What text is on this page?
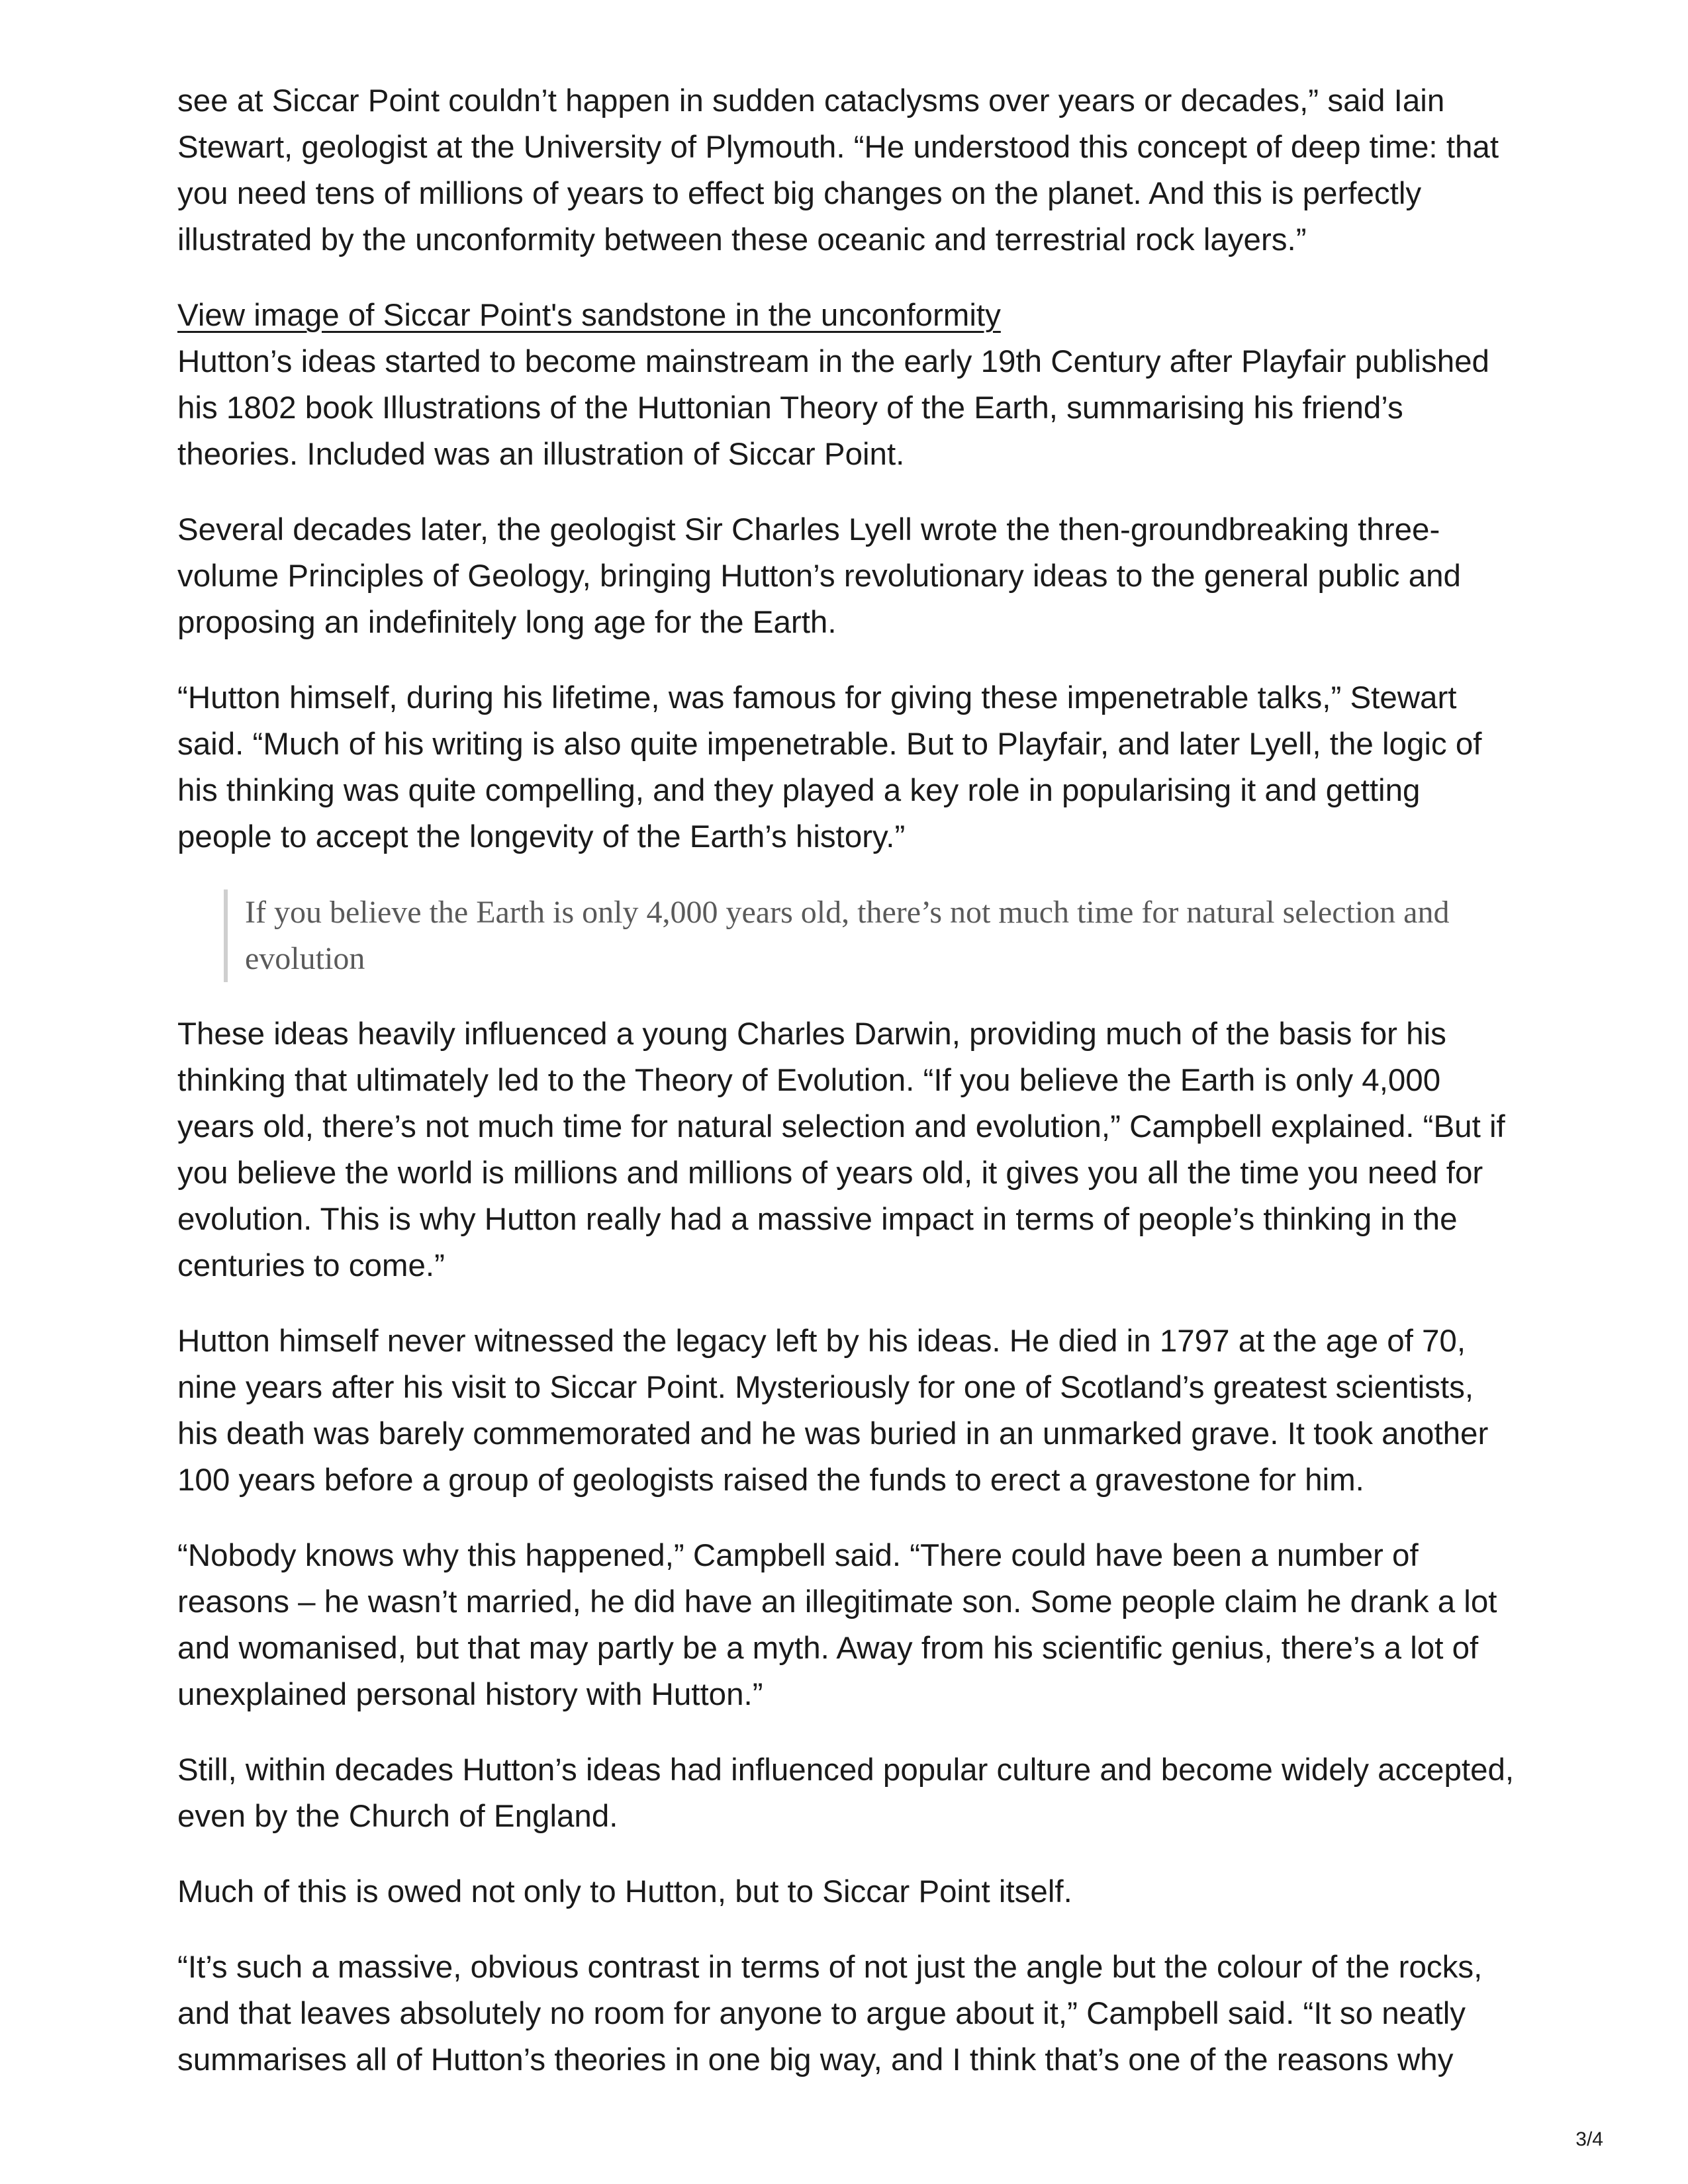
see at Siccar Point couldn’t happen in sudden cataclysms over years or decades,” said Iain Stewart, geologist at the University of Plymouth. “He understood this concept of deep time: that you need tens of millions of years to effect big changes on the planet. And this is perfectly illustrated by the unconformity between these oceanic and terrestrial rock layers.”

View image of Siccar Point's sandstone in the unconformity
Hutton’s ideas started to become mainstream in the early 19th Century after Playfair published his 1802 book Illustrations of the Huttonian Theory of the Earth, summarising his friend’s theories. Included was an illustration of Siccar Point.

Several decades later, the geologist Sir Charles Lyell wrote the then-groundbreaking three-volume Principles of Geology, bringing Hutton’s revolutionary ideas to the general public and proposing an indefinitely long age for the Earth.

“Hutton himself, during his lifetime, was famous for giving these impenetrable talks,” Stewart said. “Much of his writing is also quite impenetrable. But to Playfair, and later Lyell, the logic of his thinking was quite compelling, and they played a key role in popularising it and getting people to accept the longevity of the Earth’s history.”

If you believe the Earth is only 4,000 years old, there’s not much time for natural selection and evolution

These ideas heavily influenced a young Charles Darwin, providing much of the basis for his thinking that ultimately led to the Theory of Evolution. “If you believe the Earth is only 4,000 years old, there’s not much time for natural selection and evolution,” Campbell explained. “But if you believe the world is millions and millions of years old, it gives you all the time you need for evolution. This is why Hutton really had a massive impact in terms of people’s thinking in the centuries to come.”

Hutton himself never witnessed the legacy left by his ideas. He died in 1797 at the age of 70, nine years after his visit to Siccar Point. Mysteriously for one of Scotland’s greatest scientists, his death was barely commemorated and he was buried in an unmarked grave. It took another 100 years before a group of geologists raised the funds to erect a gravestone for him.

“Nobody knows why this happened,” Campbell said. “There could have been a number of reasons – he wasn’t married, he did have an illegitimate son. Some people claim he drank a lot and womanised, but that may partly be a myth. Away from his scientific genius, there’s a lot of unexplained personal history with Hutton.”

Still, within decades Hutton’s ideas had influenced popular culture and become widely accepted, even by the Church of England.

Much of this is owed not only to Hutton, but to Siccar Point itself.

“It’s such a massive, obvious contrast in terms of not just the angle but the colour of the rocks, and that leaves absolutely no room for anyone to argue about it,” Campbell said. “It so neatly summarises all of Hutton’s theories in one big way, and I think that’s one of the reasons why

3/4
